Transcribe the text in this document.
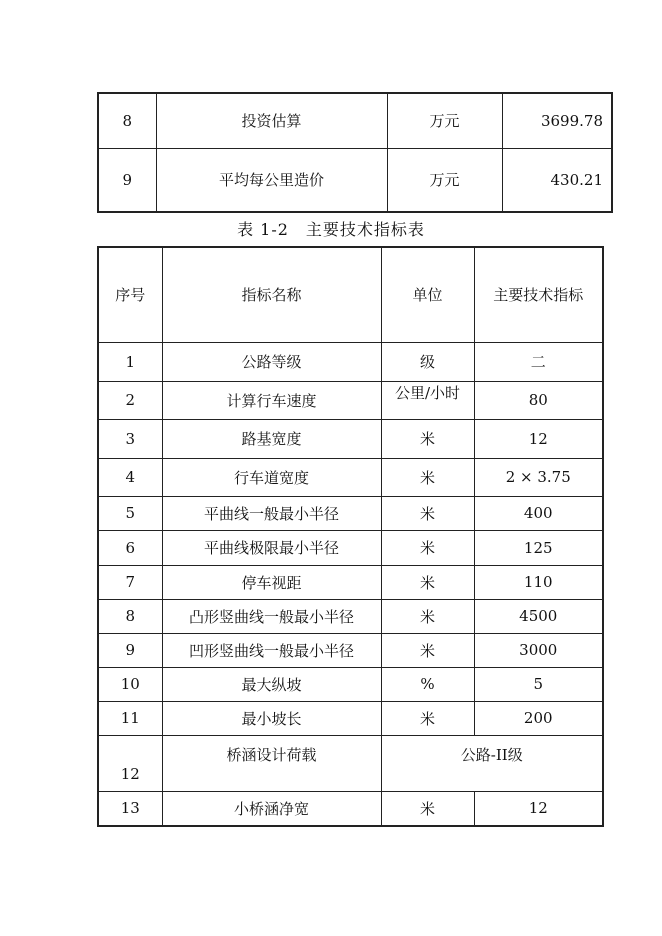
8	投资估算	万元	3699.78
9	平均每公里造价	万元	430.21
表 1-2　主要技术指标表
序号	指标名称	单位	主要技术指标
1	公路等级	级	二
2	计算行车速度	公里/小时	80
3	路基宽度	米	12
4	行车道宽度	米	2 × 3.75
5	平曲线一般最小半径	米	400
6	平曲线极限最小半径	米	125
7	停车视距	米	110
8	凸形竖曲线一般最小半径	米	4500
9	凹形竖曲线一般最小半径	米	3000
10	最大纵坡	%	5
11	最小坡长	米	200
12	桥涵设计荷载	公路-II级	
13	小桥涵净宽	米	12
